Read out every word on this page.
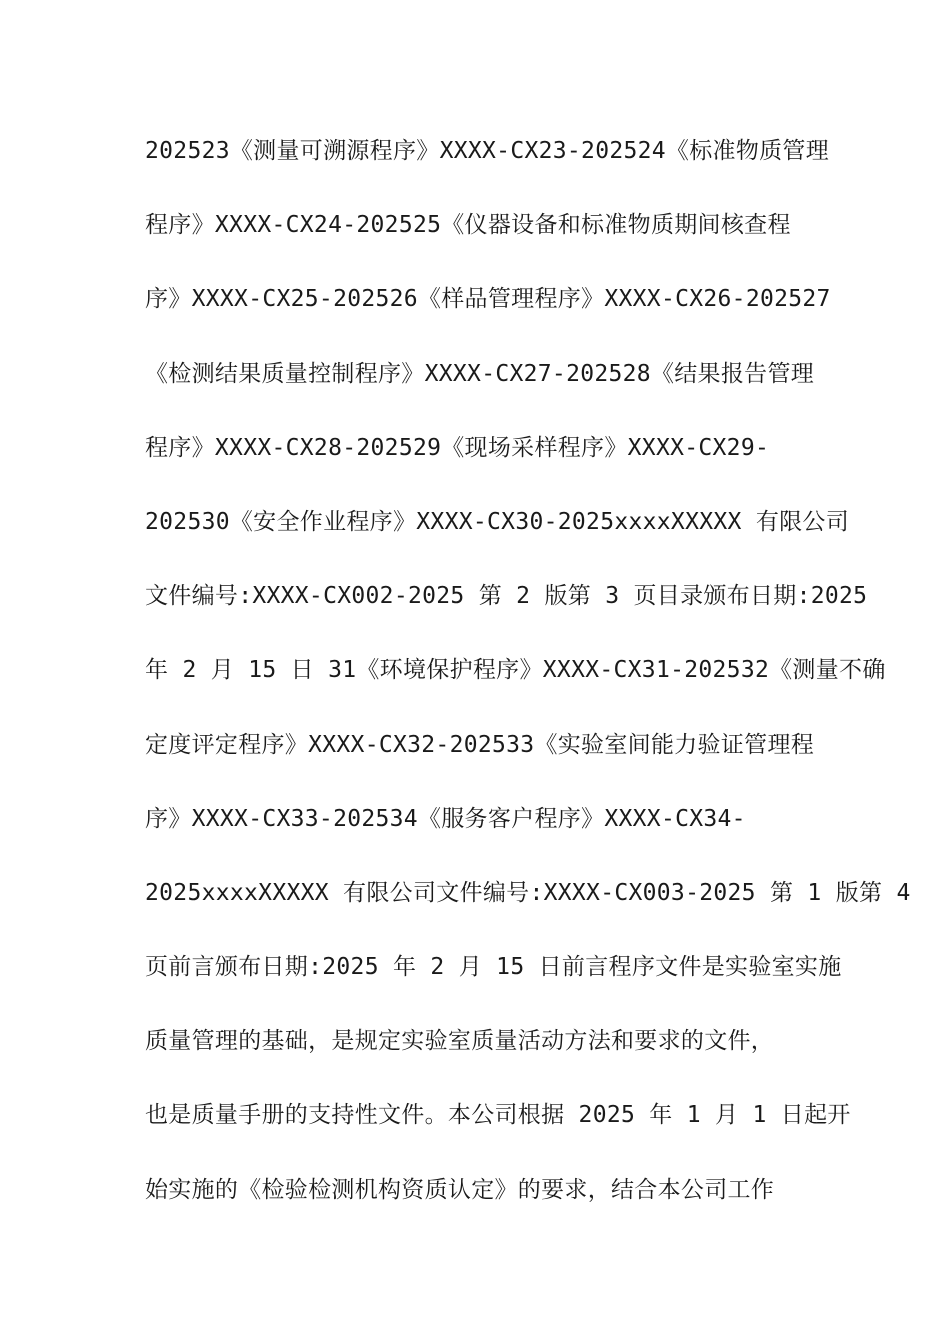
202523《测量可溯源程序》XXXX-CX23-202524《标准物质管理
程序》XXXX-CX24-202525《仪器设备和标准物质期间核查程
序》XXXX-CX25-202526《样品管理程序》XXXX-CX26-202527
《检测结果质量控制程序》XXXX-CX27-202528《结果报告管理
程序》XXXX-CX28-202529《现场采样程序》XXXX-CX29-
202530《安全作业程序》XXXX-CX30-2025xxxxXXXXX 有限公司
文件编号:XXXX-CX002-2025 第 2 版第 3 页目录颁布日期:2025
年 2 月 15 日 31《环境保护程序》XXXX-CX31-202532《测量不确
定度评定程序》XXXX-CX32-202533《实验室间能力验证管理程
序》XXXX-CX33-202534《服务客户程序》XXXX-CX34-
2025xxxxXXXXX 有限公司文件编号:XXXX-CX003-2025 第 1 版第 4
页前言颁布日期:2025 年 2 月 15 日前言程序文件是实验室实施
质量管理的基础，是规定实验室质量活动方法和要求的文件，
也是质量手册的支持性文件。本公司根据 2025 年 1 月 1 日起开
始实施的《检验检测机构资质认定》的要求，结合本公司工作
